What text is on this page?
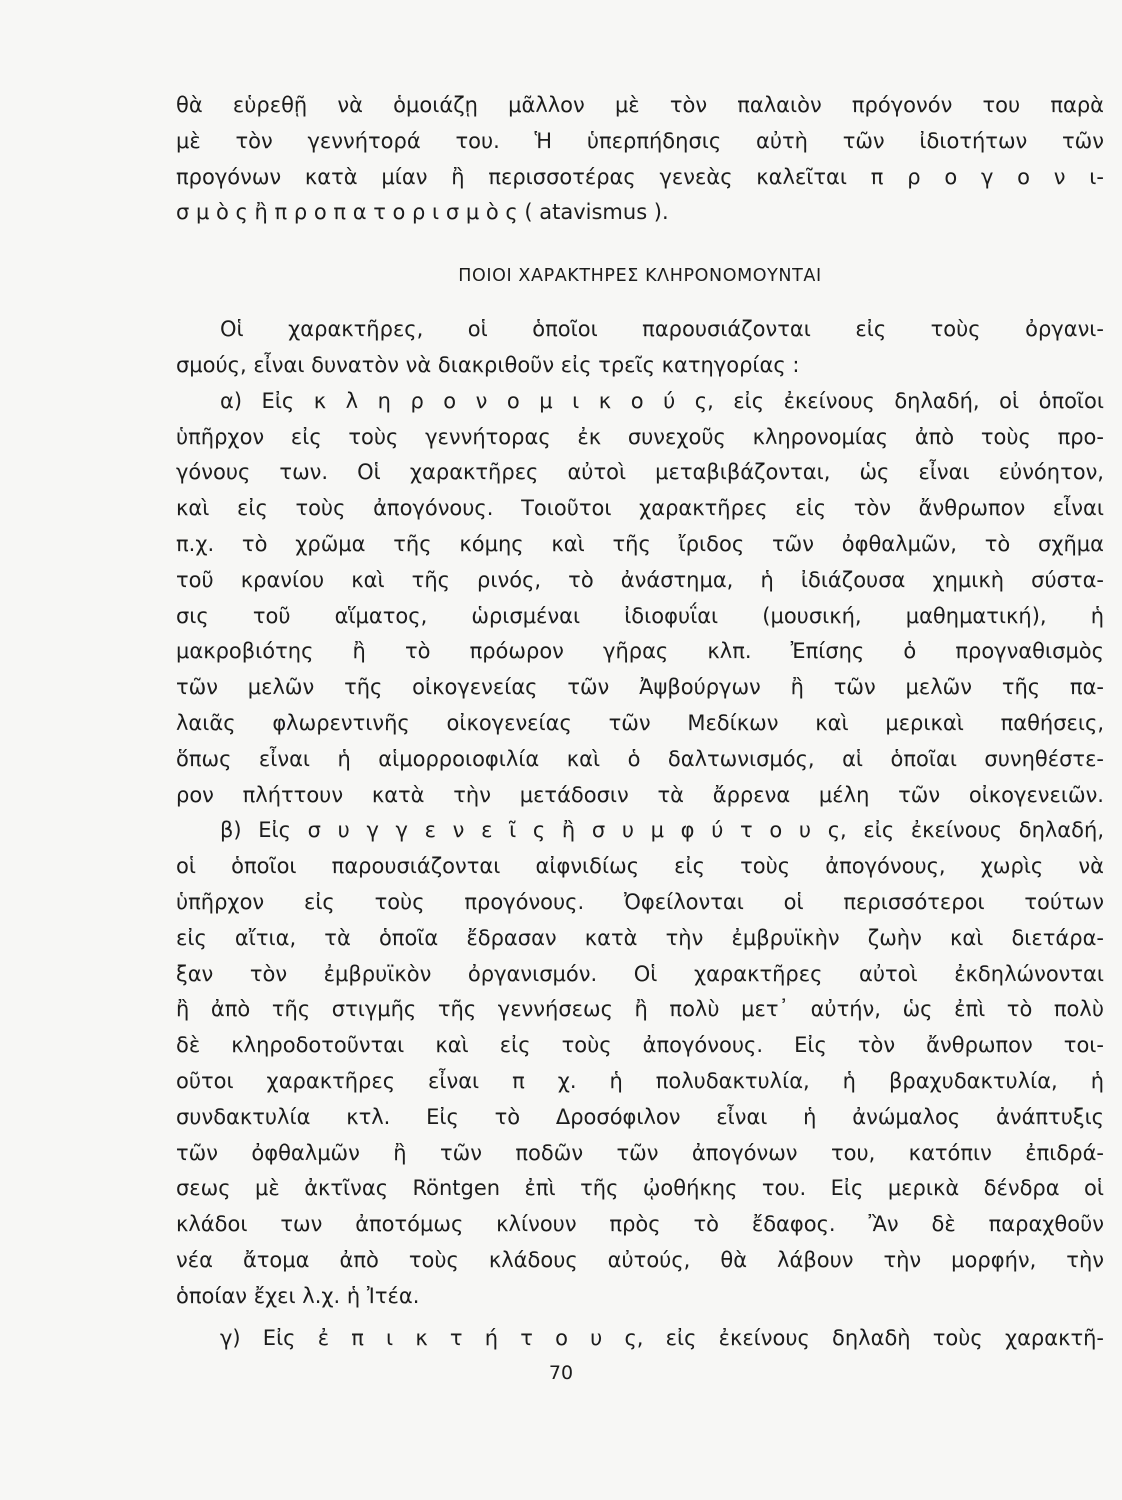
θὰ εὑρεθῇ νὰ ὁμοιάζῃ μᾶλλον μὲ τὸν παλαιὸν πρόγονόν του παρὰ
μὲ τὸν γεννήτορά του. Ἡ ὑπερπήδησις αὐτὴ τῶν ἰδιοτήτων τῶν
προγόνων κατὰ μίαν ἢ περισσοτέρας γενεὰς καλεῖται π ρ ο γ ο ν ι-
σ μ ὸ ς ἢ π ρ ο π α τ ο ρ ι σ μ ὸ ς ( atavismus ).
ΠΟΙΟΙ ΧΑΡΑΚΤΗΡΕΣ ΚΛΗΡΟΝΟΜΟΥΝΤΑΙ
Οἱ χαρακτῆρες, οἱ ὁποῖοι παρουσιάζονται εἰς τοὺς ὀργανι-
σμούς, εἶναι δυνατὸν νὰ διακριθοῦν εἰς τρεῖς κατηγορίας :
α) Εἰς κ λ η ρ ο ν ο μ ι κ ο ύ ς, εἰς ἐκείνους δηλαδή, οἱ ὁποῖοι
ὑπῆρχον εἰς τοὺς γεννήτορας ἐκ συνεχοῦς κληρονομίας ἀπὸ τοὺς προ-
γόνους των. Οἱ χαρακτῆρες αὐτοὶ μεταβιβάζονται, ὡς εἶναι εὐνόητον,
καὶ εἰς τοὺς ἀπογόνους. Τοιοῦτοι χαρακτῆρες εἰς τὸν ἄνθρωπον εἶναι
π.χ. τὸ χρῶμα τῆς κόμης καὶ τῆς ἴριδος τῶν ὀφθαλμῶν, τὸ σχῆμα
τοῦ κρανίου καὶ τῆς ρινός, τὸ ἀνάστημα, ἡ ἰδιάζουσα χημικὴ σύστα-
σις τοῦ αἵματος, ὡρισμέναι ἰδιοφυΐαι (μουσική, μαθηματική), ἡ
μακροβιότης ἢ τὸ πρόωρον γῆρας κλπ. Ἐπίσης ὁ προγναθισμὸς
τῶν μελῶν τῆς οἰκογενείας τῶν Ἀψβούργων ἢ τῶν μελῶν τῆς πα-
λαιᾶς φλωρεντινῆς οἰκογενείας τῶν Μεδίκων καὶ μερικαὶ παθήσεις,
ὅπως εἶναι ἡ αἱμορροιοφιλία καὶ ὁ δαλτωνισμός, αἱ ὁποῖαι συνηθέστε-
ρον πλήττουν κατὰ τὴν μετάδοσιν τὰ ἄρρενα μέλη τῶν οἰκογενειῶν.
β) Εἰς σ υ γ γ ε ν ε ῖ ς ἢ σ υ μ φ ύ τ ο υ ς, εἰς ἐκείνους δηλαδή,
οἱ ὁποῖοι παρουσιάζονται αἰφνιδίως εἰς τοὺς ἀπογόνους, χωρὶς νὰ
ὑπῆρχον εἰς τοὺς προγόνους. Ὀφείλονται οἱ περισσότεροι τούτων
εἰς αἴτια, τὰ ὁποῖα ἔδρασαν κατὰ τὴν ἐμβρυϊκὴν ζωὴν καὶ διετάρα-
ξαν τὸν ἐμβρυϊκὸν ὀργανισμόν. Οἱ χαρακτῆρες αὐτοὶ ἐκδηλώνονται
ἢ ἀπὸ τῆς στιγμῆς τῆς γεννήσεως ἢ πολὺ μετ᾽ αὐτήν, ὡς ἐπὶ τὸ πολὺ
δὲ κληροδοτοῦνται καὶ εἰς τοὺς ἀπογόνους. Εἰς τὸν ἄνθρωπον τοι-
οῦτοι χαρακτῆρες εἶναι π χ. ἡ πολυδακτυλία, ἡ βραχυδακτυλία, ἡ
συνδακτυλία κτλ. Εἰς τὸ Δροσόφιλον εἶναι ἡ ἀνώμαλος ἀνάπτυξις
τῶν ὀφθαλμῶν ἢ τῶν ποδῶν τῶν ἀπογόνων του, κατόπιν ἐπιδρά-
σεως μὲ ἀκτῖνας Röntgen ἐπὶ τῆς ᾠοθήκης του. Εἰς μερικὰ δένδρα οἱ
κλάδοι των ἀποτόμως κλίνουν πρὸς τὸ ἔδαφος. Ἂν δὲ παραχθοῦν
νέα ἄτομα ἀπὸ τοὺς κλάδους αὐτούς, θὰ λάβουν τὴν μορφήν, τὴν
ὁποίαν ἔχει λ.χ. ἡ Ἰτέα.
γ) Εἰς ἐ π ι κ τ ή τ ο υ ς, εἰς ἐκείνους δηλαδὴ τοὺς χαρακτῆ-
70
